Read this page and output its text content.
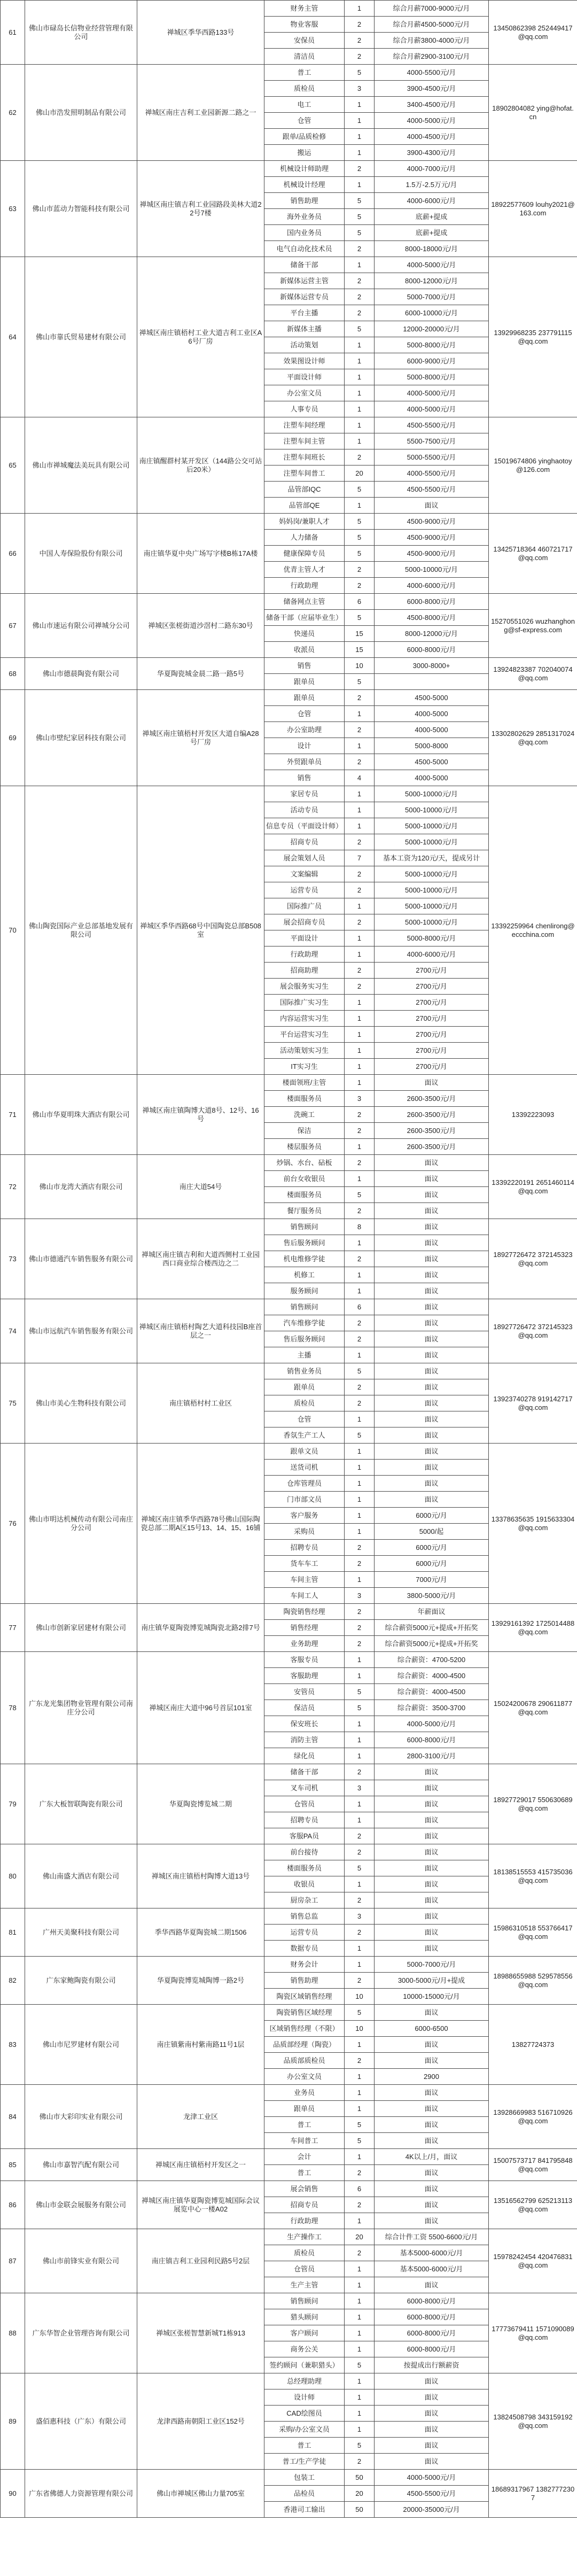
61	佛山市碌岛长信物业经营管理有限公司	禅城区季华西路133号	财务主管	1	综合月薪7000-9000元/月	13450862398 252449417@qq.com
			物业客服	2	综合月薪4500-5000元/月	
			安保员	2	综合月薪3800-4000元/月	
			清洁员	2	综合月薪2900-3100元/月	
62	佛山市浩发照明制品有限公司	禅城区南庄吉利工业园新源二路之一	普工	5	4000-5500元/月	18902804082 ying@hofat.cn
			质检员	3	3900-4500元/月	
			电工	1	3400-4500元/月	
			仓管	1	4000-5000元/月	
			跟单/品质检修	1	4000-4500元/月	
			搬运	1	3900-4300元/月	
63	佛山市蓝动力智能科技有限公司	禅城区南庄镇吉利工业园路段美林大道22号7楼	机械设计师助理	2	4000-7000元/月	18922577609 louhy2021@163.com
			机械设计经理	1	1.5万-2.5万元/月	
			销售助理	5	4000-6000元/月	
			海外业务员	5	底薪+提成	
			国内业务员	5	底薪+提成	
			电气自动化技术员	2	8000-18000元/月	
64	佛山市靠氏贸易建材有限公司	禅城区南庄镇梧村工业大道吉利工业区A6号厂房	储备干部	1	4000-5000元/月	13929968235 237791115@qq.com
			新媒体运营主管	2	8000-12000元/月	
			新媒体运营专员	2	5000-7000元/月	
			平台主播	2	6000-10000元/月	
			新媒体主播	5	12000-20000元/月	
			活动策划	1	5000-8000元/月	
			效果图设计师	1	6000-9000元/月	
			平面设计师	1	5000-8000元/月	
			办公室文员	1	4000-5000元/月	
			人事专员	1	4000-5000元/月	
65	佛山市禅城魔法美玩具有限公司	南庄镇醒群村某开发区（144路公交可站后20米）	注塑车间经理	1	4500-5500元/月	15019674806 yinghaotoy@126.com
			注塑车间主管	1	5500-7500元/月	
			注塑车间班长	2	5000-5500元/月	
			注塑车间普工	20	4000-5500元/月	
			品管部IQC	5	4500-5500元/月	
			品管部QE	1	面议	
66	中国人寿保险股份有限公司	南庄镇华夏中央广场写字楼B栋17A楼	妈妈岗/兼职人才	5	4500-9000元/月	13425718364 460721717@qq.com
			人力储备	5	4500-9000元/月	
			健康保障专员	5	4500-9000元/月	
			优青主管人才	2	5000-10000元/月	
			行政助理	2	4000-6000元/月	
67	佛山市速运有限公司禅城分公司	禅城区张槎街道沙滘村二路东30号	储备网点主管	6	6000-8000元/月	15270551026 wuzhanghong@sf-express.com
			储备干部（应届毕业生）	5	4500-8000元/月	
			快递员	15	8000-12000元/月	
			收派员	15	6000-8000元/月	
68	佛山市德晨陶瓷有限公司	华夏陶瓷城金晨二路一路5号	销售	10	3000-8000+	13924823387 702040074@qq.com
			跟单员	5		
69	佛山市壁纪家居科技有限公司	禅城区南庄镇梧村开发区大道自编A28号厂房	跟单员	2	4500-5000	13302802629 2851317024@qq.com
			仓管	1	4000-5000	
			办公室助理	2	4000-5000	
			设计	1	5000-8000	
			外贸跟单员	2	4500-5000	
			销售	4	4000-5000	
70	佛山陶瓷国际产业总部基地发展有限公司	禅城区季华西路68号中国陶瓷总部B508室	家居专员	1	5000-10000元/月	13392259964 chenlirong@eccchina.com
			活动专员	1	5000-10000元/月	
			信息专员（平面设计师）	1	5000-10000元/月	
			招商专员	2	5000-10000元/月	
			展会策划人员	7	基本工资为120元/天，提成另计	
			文案编辑	2	5000-10000元/月	
			运营专员	2	5000-10000元/月	
			国际推广员	1	5000-10000元/月	
			展会招商专员	2	5000-10000元/月	
			平面设计	1	5000-8000元/月	
			行政助理	1	4000-6000元/月	
			招商助理	2	2700元/月	
			展会服务实习生	2	2700元/月	
			国际推广实习生	1	2700元/月	
			内容运营实习生	1	2700元/月	
			平台运营实习生	1	2700元/月	
			活动策划实习生	1	2700元/月	
			IT实习生	1	2700元/月	
71	佛山市华夏明珠大酒店有限公司	禅城区南庄镇陶博大道8号、12号、16号	楼面领班/主管	1	面议	13392223093
			楼面服务员	3	2600-3500元/月	
			洗碗工	2	2600-3500元/月	
			保洁	2	2600-3500元/月	
			楼层服务员	1	2600-3500元/月	
72	佛山市龙湾大酒店有限公司	南庄大道54号	炒锅、水台、砧板	2	面议	13392220191 2651460114@qq.com
			前台女收银员	1	面议	
			楼面服务员	5	面议	
			餐厅服务员	2	面议	
73	佛山市德通汽车销售服务有限公司	禅城区南庄镇吉利和大道西侧村工业园西口商业综合楼西边之二	销售顾问	8	面议	18927726472 372145323@qq.com
			售后服务顾问	1	面议	
			机电维修学徒	2	面议	
			机修工	1	面议	
			服务顾问	1	面议	
74	佛山市远航汽车销售服务有限公司	禅城区南庄镇梧村陶艺大道科技园B座首层之一	销售顾问	6	面议	18927726472 372145323@qq.com
			汽车维修学徒	2	面议	
			售后服务顾问	2	面议	
			主播	1	面议	
75	佛山市美心生物科技有限公司	南庄镇梧村村工业区	销售业务员	5	面议	13923740278 919142717@qq.com
			跟单员	2	面议	
			质检员	2	面议	
			仓管	1	面议	
			香氛生产工人	5	面议	
76	佛山市明达机械传动有限公司南庄分公司	禅城区南庄镇季华西路78号佛山国际陶瓷总部二期A区15号13、14、15、16铺	跟单文员	1	面议	13378635635 1915633304@qq.com
			送货司机	1	面议	
			仓库管理员	1	面议	
			门市部文员	1	面议	
			客户服务	1	6000元/月	
			采购员	1	5000/起	
			招聘专员	2	6000元/月	
			货车车工	2	6000元/月	
			车间主管	1	7000元/月	
			车间工人	3	3800-5000元/月	
77	佛山市创新家居建材有限公司	南庄镇华夏陶瓷博览城陶瓷北路2排7号	陶瓷销售经理	2	年薪面议	13929161392 1725014488@qq.com
			销售经理	2	综合薪资5000元+提成+开拓奖	
			业务助理	2	综合薪资5000元+提成+开拓奖	
78	广东龙光集团物业管理有限公司南庄分公司	禅城区南庄大道中96号首层101室	客服专员	1	综合薪资：4700-5200	15024200678 290611877@qq.com
			客服助理	1	综合薪资：4000-4500	
			安管员	5	综合薪资：4000-4500	
			保洁员	5	综合薪资：3500-3700	
			保安班长	1	4000-5000元/月	
			消防主管	1	6000-8000元/月	
			绿化员	1	2800-3100元/月	
79	广东大板智联陶瓷有限公司	华夏陶瓷博览城二期	储备干部	2	面议	18927729017 550630689@qq.com
			叉车司机	3	面议	
			仓管员	1	面议	
			招聘专员	1	面议	
			客服PA员	2	面议	
80	佛山南盛大酒店有限公司	禅城区南庄镇梧村陶博大道13号	前台接待	2	面议	18138515553 415735036@qq.com
			楼面服务员	5	面议	
			收银员	1	面议	
			厨房杂工	2	面议	
81	广州天美聚科技有限公司	季华西路华夏陶瓷城二期1506	销售总监	3	面议	15986310518 553766417@qq.com
			运营专员	2	面议	
			数据专员	1	面议	
82	广东家鲍陶瓷有限公司	华夏陶瓷博览城陶博一路2号	财务会计	1	5000-7000元/月	18988655988 529578556@qq.com
			销售助理	2	3000-5000元/月+提成	
			陶瓷区域销售经理	10	10000-15000元/月	
83	佛山市尼罗建材有限公司	南庄镇紫南村紫南路11号1层	陶瓷销售区域经理	5	面议	13827724373
			区域销售经理（不限）	10	6000-6500	
			品质部经理（陶瓷）	1	面议	
			品质部质检员	2	面议	
			办公室文员	1	2900	
84	佛山市大彩印实业有限公司	龙津工业区	业务员	1	面议	13928669983 516710926@qq.com
			跟单员	1	面议	
			普工	5	面议	
			车间普工	5	面议	
85	佛山市嘉智汽配有限公司	禅城区南庄镇梧村开发区之一	会计	1	4K以上/月，面议	15007573717 841795848@qq.com
			普工	2	面议	
86	佛山市金联会展服务有限公司	禅城区南庄镇华夏陶瓷博览城国际会议展览中心一楼A02	展会销售	6	面议	13516562799 625213113@qq.com
			招商专员	2	面议	
			行政助理	1	面议	
87	佛山市前锋实业有限公司	南庄镇吉利工业园利民路5号2层	生产操作工	20	综合计件工资 5500-6600元/月	15978242454 420476831@qq.com
			质检员	2	基本5000-6000元/月	
			仓管员	1	基本5000-6000元/月	
			生产主管	1	面议	
88	广东华智企业管理咨询有限公司	禅城区张槎智慧新城T1栋913	销售顾问	1	6000-8000元/月	17773679411 1571090089@qq.com
			猎头顾问	1	6000-8000元/月	
			客户顾问	1	6000-8000元/月	
			商务公关	1	6000-8000元/月	
			签约顾问（兼职猎头）	5	按提成出行额薪资	
89	盛佰惠科技（广东）有限公司	龙津西路南朝阳工业区152号	总经理助理	1	面议	13824508798 343159192@qq.com
			设计师	1	面议	
			CAD绘图员	1	面议	
			采购/办公室文员	1	面议	
			普工	5	面议	
			普工/生产学徒	2	面议	
90	广东省佛德人力资源管理有限公司	佛山市禅城区佛山力量705室	包装工	50	4000-5000元/月	18689317967 13827772307
			品检员	20	4500-5500元/月	
			香港司工输出	50	20000-35000元/月	
